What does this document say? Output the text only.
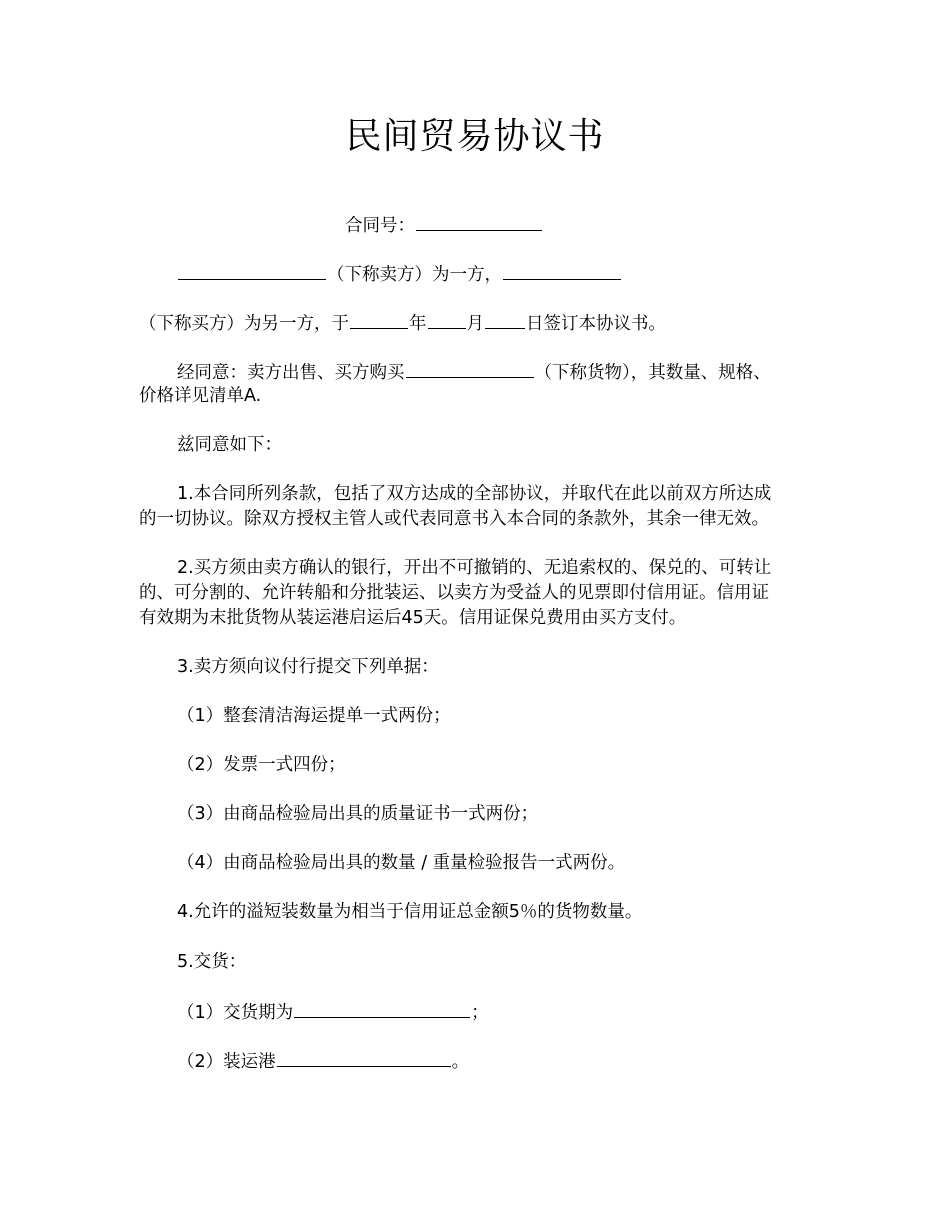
民间贸易协议书
合同号：
（下称卖方）为一方，
（下称买方）为另一方，于	年 月 日签订本协议书。
经同意：卖方出售、买方购买	（下称货物），其数量、规格、
价格详见清单A.
兹同意如下：
1.本合同所列条款，包括了双方达成的全部协议，并取代在此以前双方所达成
的一切协议。除双方授权主管人或代表同意书入本合同的条款外，其余一律无效。
2.买方须由卖方确认的银行，开出不可撤销的、无追索权的、保兑的、可转让
的、可分割的、允许转船和分批装运、以卖方为受益人的见票即付信用证。信用证
有效期为末批货物从装运港启运后45天。信用证保兑费用由买方支付。
3.卖方须向议付行提交下列单据：
（1）整套清洁海运提单一式两份；
（2）发票一式四份；
（3）由商品检验局出具的质量证书一式两份；
（4）由商品检验局出具的数量 / 重量检验报告一式两份。
4.允许的溢短装数量为相当于信用证总金额5％的货物数量。
5.交货：
（1）交货期为	；
（2）装运港	。
